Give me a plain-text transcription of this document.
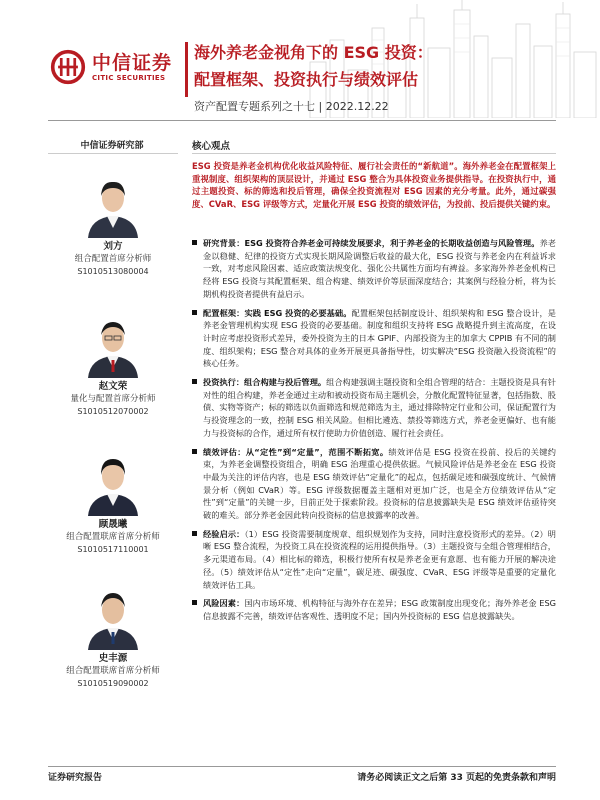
中信证券
CITIC SECURITIES
海外养老金视角下的 ESG 投资：
配置框架、投资执行与绩效评估
资产配置专题系列之十七 | 2022.12.22
中信证券研究部
刘方
组合配置首席分析师
S1010513080004
赵文荣
量化与配置首席分析师
S1010512070002
顾晟曦
组合配置联席首席分析师
S1010517110001
史丰源
组合配置联席首席分析师
S1010519090002
核心观点

ESG 投资是养老金机构优化收益风险特征、履行社会责任的“新航道”。海外养老金在配置框架上重视制度、组织架构的顶层设计，并通过 ESG 整合为具体投资业务提供指导。在投资执行中，通过主题投资、标的筛选和投后管理，确保全投资流程对 ESG 因素的充分考量。此外，通过碳强度、CVaR、ESG 评级等方式，定量化开展 ESG 投资的绩效评估，为投前、投后提供关键约束。

研究背景：ESG 投资符合养老金可持续发展要求，利于养老金的长期收益创造与风险管理。养老金以稳健、纪律的投资方式实现长期风险调整后收益的最大化，ESG 投资与养老金内在利益诉求一致，对考虑风险因素、适应政策法规变化、强化公共属性方面均有裨益。多家海外养老金机构已经将 ESG 投资与其配置框架、组合构建、绩效评价等层面深度结合；其案例与经验分析，将为长期机构投资者提供有益启示。
配置框架：实践 ESG 投资的必要基础。配置框架包括制度设计、组织架构和 ESG 整合设计，是养老金管理机构实现 ESG 投资的必要基础。制度和组织支持将 ESG 战略提升到主流高度，在设计时应考虑投资形式差异，委外投资为主的日本 GPIF、内部投资为主的加拿大 CPPIB 有不同的制度、组织架构；ESG 整合对具体的业务开展更具备指导性，切实解决“ESG 投资融入投资流程”的核心任务。
投资执行：组合构建与投后管理。组合构建强调主题投资和全组合管理的结合：主题投资是具有针对性的组合构建，养老金通过主动和被动投资布局主题机会，分散化配置特征显著，包括指数、股债、实物等资产；标的筛选以负面筛选和规范筛选为主，通过排除特定行业和公司，保证配置行为与投资理念的一致，控制 ESG 相关风险。但相比遴选、禁投等筛选方式，养老金更偏好、也有能力与投资标的合作，通过所有权行使助力价值创造、履行社会责任。
绩效评估：从“定性”到“定量”，范围不断拓宽。绩效评估是 ESG 投资在投前、投后的关键约束，为养老金调整投资组合，明确 ESG 治理重心提供依据。气候风险评估是养老金在 ESG 投资中最为关注的评估内容，也是 ESG 绩效评估“定量化”的起点，包括碳足迹和碳强度统计、气候情景分析（例如 CVaR）等。ESG 评级数据覆盖主题相对更加广泛，也是全方位绩效评估从“定性”到“定量”的关键一步，目前正处于探索阶段。投资标的信息披露缺失是 ESG 绩效评估亟待突破的难关。部分养老金因此转向投资标的信息披露率的改善。
经验启示：（1）ESG 投资需要制度规章、组织规划作为支持，同时注意投资形式的差异。（2）明晰 ESG 整合流程，为投资工具在投资流程的运用提供指导。（3）主题投资与全组合管理相结合，多元渠道布局。（4）相比标的筛选，积极行使所有权是养老金更有意愿、也有能力开展的解决途径。（5）绩效评估从“定性”走向“定量”，碳足迹、碳强度、CVaR、ESG 评级等是重要的定量化绩效评估工具。
风险因素：国内市场环境、机构特征与海外存在差异；ESG 政策制度出现变化；海外养老金 ESG 信息披露不完善，绩效评估客观性、透明度不足；国内外投资标的 ESG 信息披露缺失。
证券研究报告	请务必阅读正文之后第 33 页起的免责条款和声明
